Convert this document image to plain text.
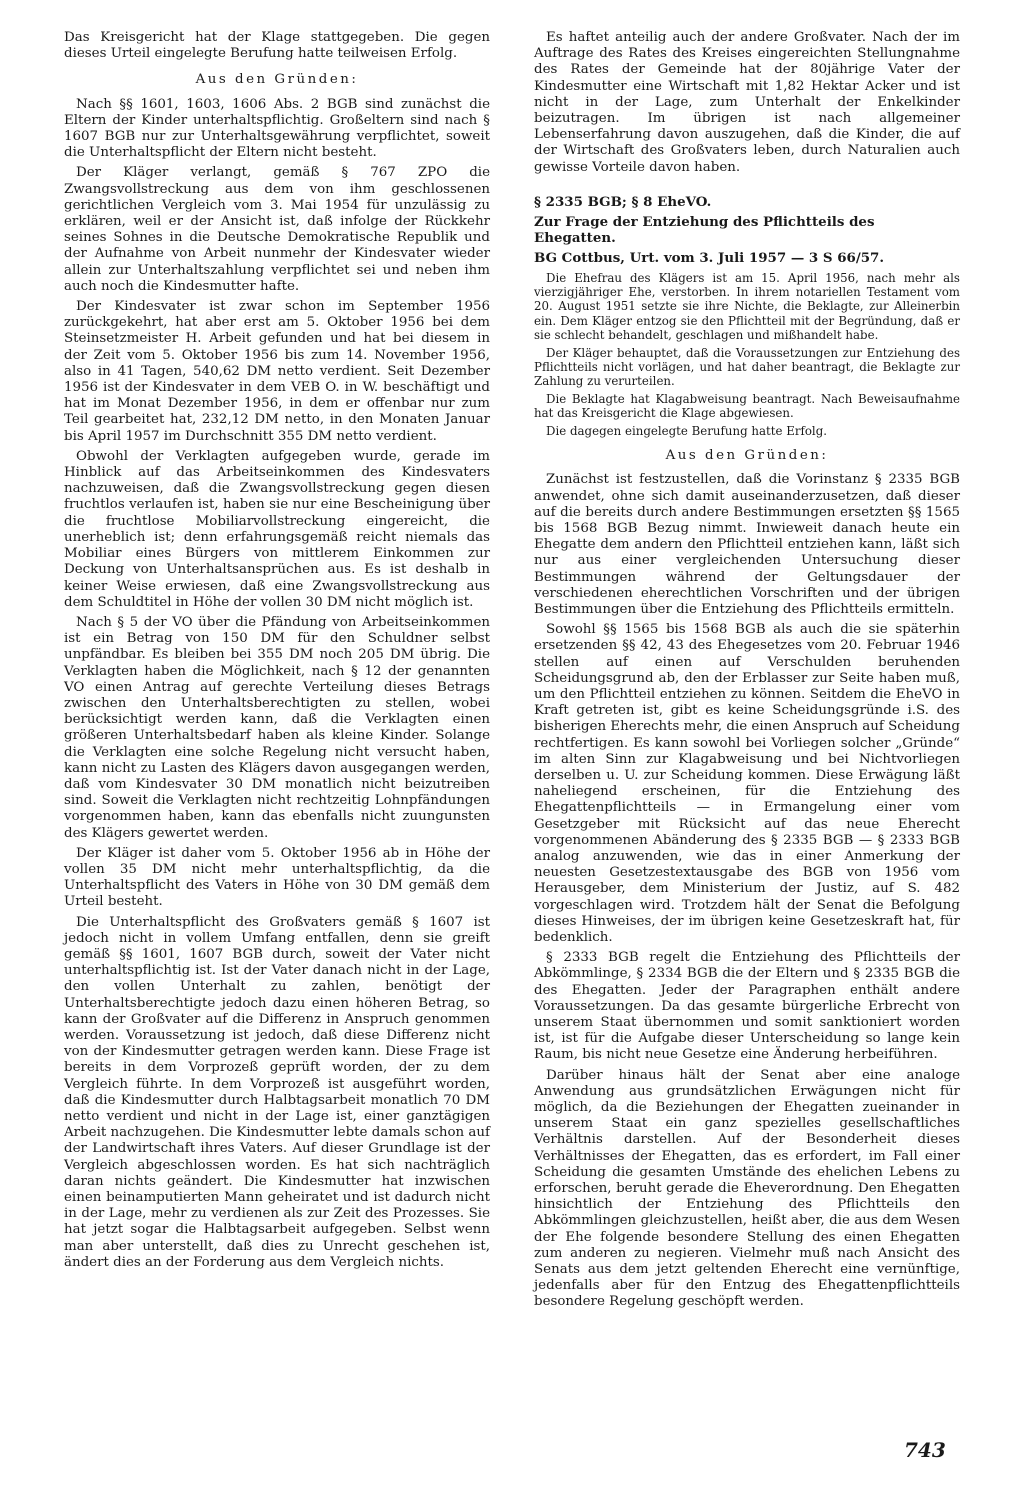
Das Kreisgericht hat der Klage stattgegeben. Die gegen dieses Urteil eingelegte Berufung hatte teilweisen Erfolg.

Aus den Gründen:

Nach §§ 1601, 1603, 1606 Abs. 2 BGB sind zunächst die Eltern der Kinder unterhaltspflichtig. Großeltern sind nach § 1607 BGB nur zur Unterhaltsgewährung verpflichtet, soweit die Unterhaltspflicht der Eltern nicht besteht.

Der Kläger verlangt, gemäß § 767 ZPO die Zwangsvollstreckung aus dem von ihm geschlossenen gerichtlichen Vergleich vom 3. Mai 1954 für unzulässig zu erklären, weil er der Ansicht ist, daß infolge der Rückkehr seines Sohnes in die Deutsche Demokratische Republik und der Aufnahme von Arbeit nunmehr der Kindesvater wieder allein zur Unterhaltszahlung verpflichtet sei und neben ihm auch noch die Kindesmutter hafte.

Der Kindesvater ist zwar schon im September 1956 zurückgekehrt, hat aber erst am 5. Oktober 1956 bei dem Steinsetzmeister H. Arbeit gefunden und hat bei diesem in der Zeit vom 5. Oktober 1956 bis zum 14. November 1956, also in 41 Tagen, 540,62 DM netto verdient. Seit Dezember 1956 ist der Kindesvater in dem VEB O. in W. beschäftigt und hat im Monat Dezember 1956, in dem er offenbar nur zum Teil gearbeitet hat, 232,12 DM netto, in den Monaten Januar bis April 1957 im Durchschnitt 355 DM netto verdient.

Obwohl der Verklagten aufgegeben wurde, gerade im Hinblick auf das Arbeitseinkommen des Kindesvaters nachzuweisen, daß die Zwangsvollstreckung gegen diesen fruchtlos verlaufen ist, haben sie nur eine Bescheinigung über die fruchtlose Mobiliarvollstreckung eingereicht, die unerheblich ist; denn erfahrungsgemäß reicht niemals das Mobiliar eines Bürgers von mittlerem Einkommen zur Deckung von Unterhaltsansprüchen aus. Es ist deshalb in keiner Weise erwiesen, daß eine Zwangsvollstreckung aus dem Schuldtitel in Höhe der vollen 30 DM nicht möglich ist.

Nach § 5 der VO über die Pfändung von Arbeitseinkommen ist ein Betrag von 150 DM für den Schuldner selbst unpfändbar. Es bleiben bei 355 DM noch 205 DM übrig. Die Verklagten haben die Möglichkeit, nach § 12 der genannten VO einen Antrag auf gerechte Verteilung dieses Betrags zwischen den Unterhaltsberechtigten zu stellen, wobei berücksichtigt werden kann, daß die Verklagten einen größeren Unterhaltsbedarf haben als kleine Kinder. Solange die Verklagten eine solche Regelung nicht versucht haben, kann nicht zu Lasten des Klägers davon ausgegangen werden, daß vom Kindesvater 30 DM monatlich nicht beizutreiben sind. Soweit die Verklagten nicht rechtzeitig Lohnpfändungen vorgenommen haben, kann das ebenfalls nicht zuungunsten des Klägers gewertet werden.

Der Kläger ist daher vom 5. Oktober 1956 ab in Höhe der vollen 35 DM nicht mehr unterhaltspflichtig, da die Unterhaltspflicht des Vaters in Höhe von 30 DM gemäß dem Urteil besteht.

Die Unterhaltspflicht des Großvaters gemäß § 1607 ist jedoch nicht in vollem Umfang entfallen, denn sie greift gemäß §§ 1601, 1607 BGB durch, soweit der Vater nicht unterhaltspflichtig ist. Ist der Vater danach nicht in der Lage, den vollen Unterhalt zu zahlen, benötigt der Unterhaltsberechtigte jedoch dazu einen höheren Betrag, so kann der Großvater auf die Differenz in Anspruch genommen werden. Voraussetzung ist jedoch, daß diese Differenz nicht von der Kindesmutter getragen werden kann. Diese Frage ist bereits in dem Vorprozeß geprüft worden, der zu dem Vergleich führte. In dem Vorprozeß ist ausgeführt worden, daß die Kindesmutter durch Halbtagsarbeit monatlich 70 DM netto verdient und nicht in der Lage ist, einer ganztägigen Arbeit nachzugehen. Die Kindesmutter lebte damals schon auf der Landwirtschaft ihres Vaters. Auf dieser Grundlage ist der Vergleich abgeschlossen worden. Es hat sich nachträglich daran nichts geändert. Die Kindesmutter hat inzwischen einen beinamputierten Mann geheiratet und ist dadurch nicht in der Lage, mehr zu verdienen als zur Zeit des Prozesses. Sie hat jetzt sogar die Halbtagsarbeit aufgegeben. Selbst wenn man aber unterstellt, daß dies zu Unrecht geschehen ist, ändert dies an der Forderung aus dem Vergleich nichts.

Es haftet anteilig auch der andere Großvater. Nach der im Auftrage des Rates des Kreises eingereichten Stellungnahme des Rates der Gemeinde hat der 80jährige Vater der Kindesmutter eine Wirtschaft mit 1,82 Hektar Acker und ist nicht in der Lage, zum Unterhalt der Enkelkinder beizutragen. Im übrigen ist nach allgemeiner Lebenserfahrung davon auszugehen, daß die Kinder, die auf der Wirtschaft des Großvaters leben, durch Naturalien auch gewisse Vorteile davon haben.

§ 2335 BGB; § 8 EheVO.
Zur Frage der Entziehung des Pflichtteils des Ehegatten.
BG Cottbus, Urt. vom 3. Juli 1957 — 3 S 66/57.

Die Ehefrau des Klägers ist am 15. April 1956, nach mehr als vierzigjähriger Ehe, verstorben. In ihrem notariellen Testament vom 20. August 1951 setzte sie ihre Nichte, die Beklagte, zur Alleinerbin ein. Dem Kläger entzog sie den Pflichtteil mit der Begründung, daß er sie schlecht behandelt, geschlagen und mißhandelt habe.

Der Kläger behauptet, daß die Voraussetzungen zur Entziehung des Pflichtteils nicht vorlägen, und hat daher beantragt, die Beklagte zur Zahlung zu verurteilen.

Die Beklagte hat Klagabweisung beantragt. Nach Beweisaufnahme hat das Kreisgericht die Klage abgewiesen.

Die dagegen eingelegte Berufung hatte Erfolg.

Aus den Gründen:

Zunächst ist festzustellen, daß die Vorinstanz § 2335 BGB anwendet, ohne sich damit auseinanderzusetzen, daß dieser auf die bereits durch andere Bestimmungen ersetzten §§ 1565 bis 1568 BGB Bezug nimmt. Inwieweit danach heute ein Ehegatte dem andern den Pflichtteil entziehen kann, läßt sich nur aus einer vergleichenden Untersuchung dieser Bestimmungen während der Geltungsdauer der verschiedenen eherechtlichen Vorschriften und der übrigen Bestimmungen über die Entziehung des Pflichtteils ermitteln.

Sowohl §§ 1565 bis 1568 BGB als auch die sie späterhin ersetzenden §§ 42, 43 des Ehegesetzes vom 20. Februar 1946 stellen auf einen auf Verschulden beruhenden Scheidungsgrund ab, den der Erblasser zur Seite haben muß, um den Pflichtteil entziehen zu können. Seitdem die EheVO in Kraft getreten ist, gibt es keine Scheidungsgründe i.S. des bisherigen Eherechts mehr, die einen Anspruch auf Scheidung rechtfertigen. Es kann sowohl bei Vorliegen solcher „Gründe“ im alten Sinn zur Klagabweisung und bei Nichtvorliegen derselben u. U. zur Scheidung kommen. Diese Erwägung läßt naheliegend erscheinen, für die Entziehung des Ehegattenpflichtteils — in Ermangelung einer vom Gesetzgeber mit Rücksicht auf das neue Eherecht vorgenommenen Abänderung des § 2335 BGB — § 2333 BGB analog anzuwenden, wie das in einer Anmerkung der neuesten Gesetzestextausgabe des BGB von 1956 vom Herausgeber, dem Ministerium der Justiz, auf S. 482 vorgeschlagen wird. Trotzdem hält der Senat die Befolgung dieses Hinweises, der im übrigen keine Gesetzeskraft hat, für bedenklich.

§ 2333 BGB regelt die Entziehung des Pflichtteils der Abkömmlinge, § 2334 BGB die der Eltern und § 2335 BGB die des Ehegatten. Jeder der Paragraphen enthält andere Voraussetzungen. Da das gesamte bürgerliche Erbrecht von unserem Staat übernommen und somit sanktioniert worden ist, ist für die Aufgabe dieser Unterscheidung so lange kein Raum, bis nicht neue Gesetze eine Änderung herbeiführen.

Darüber hinaus hält der Senat aber eine analoge Anwendung aus grundsätzlichen Erwägungen nicht für möglich, da die Beziehungen der Ehegatten zueinander in unserem Staat ein ganz spezielles gesellschaftliches Verhältnis darstellen. Auf der Besonderheit dieses Verhältnisses der Ehegatten, das es erfordert, im Fall einer Scheidung die gesamten Umstände des ehelichen Lebens zu erforschen, beruht gerade die Eheverordnung. Den Ehegatten hinsichtlich der Entziehung des Pflichtteils den Abkömmlingen gleichzustellen, heißt aber, die aus dem Wesen der Ehe folgende besondere Stellung des einen Ehegatten zum anderen zu negieren. Vielmehr muß nach Ansicht des Senats aus dem jetzt geltenden Eherecht eine vernünftige, jedenfalls aber für den Entzug des Ehegattenpflichtteils besondere Regelung geschöpft werden.

743
